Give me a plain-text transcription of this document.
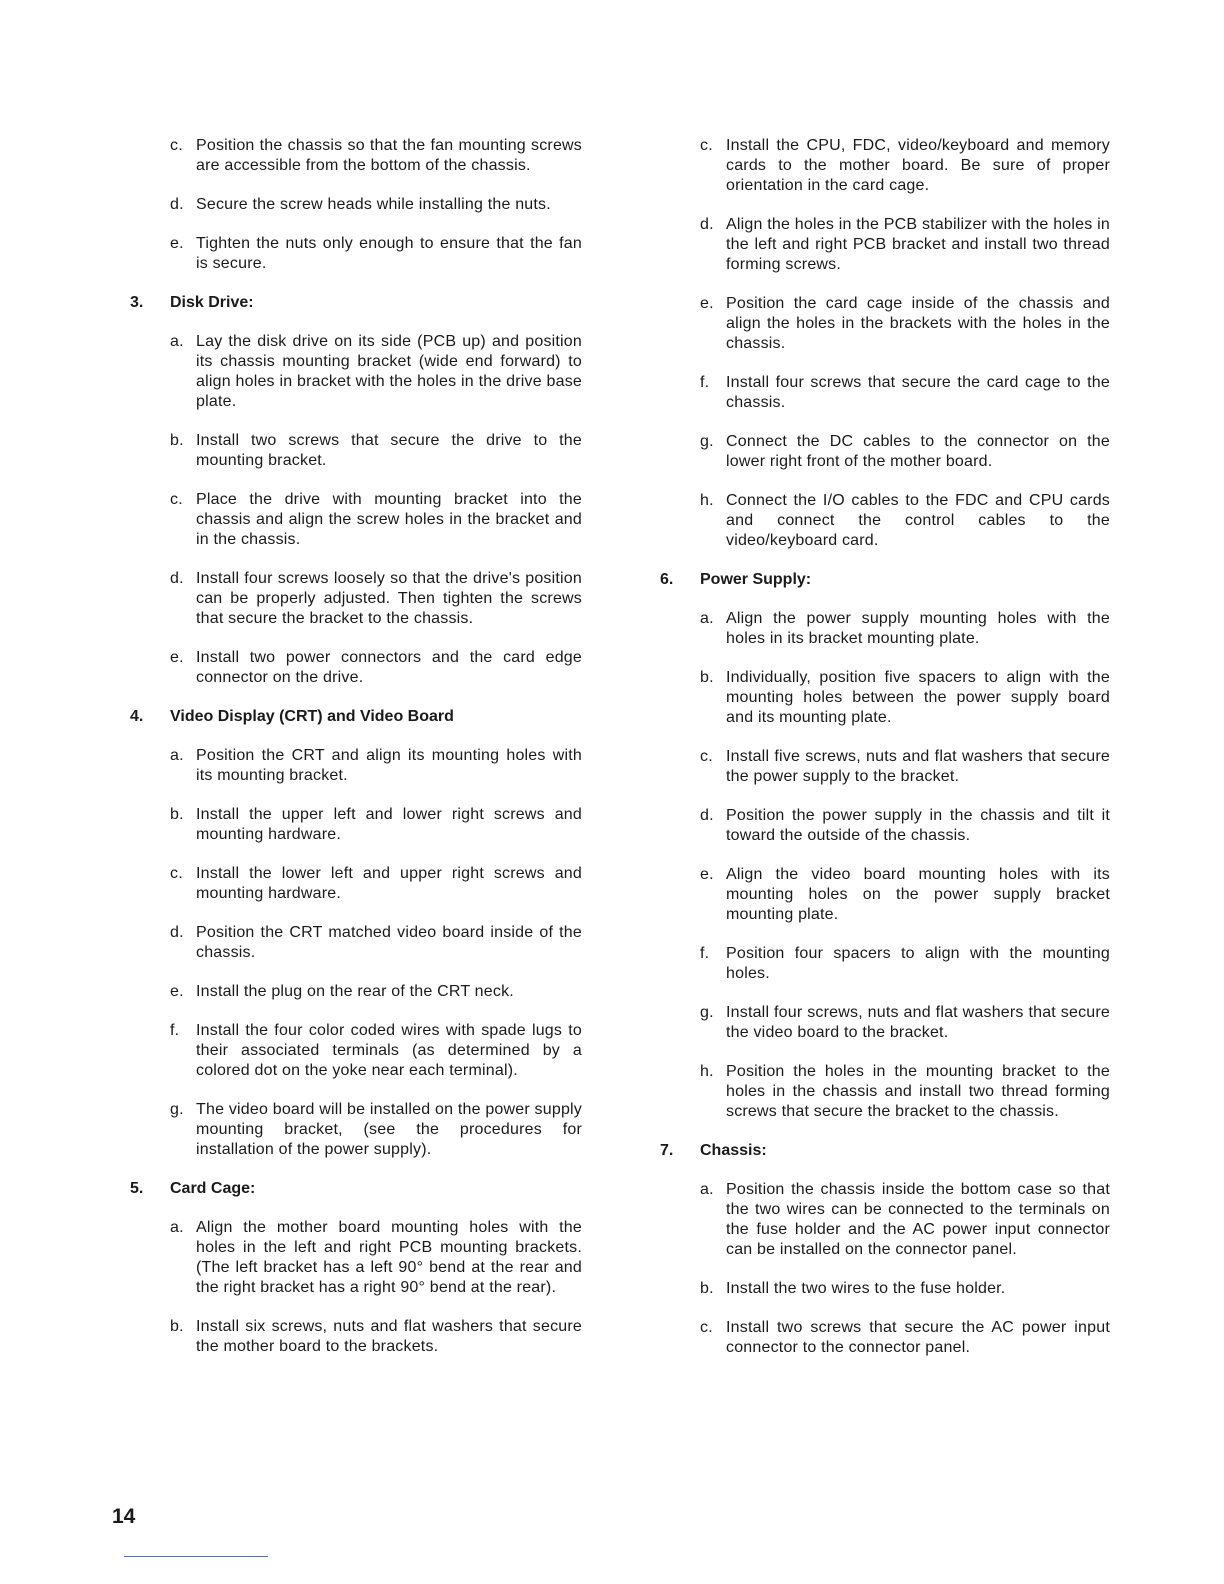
c. Position the chassis so that the fan mounting screws are accessible from the bottom of the chassis.
d. Secure the screw heads while installing the nuts.
e. Tighten the nuts only enough to ensure that the fan is secure.
3.	Disk Drive:
a. Lay the disk drive on its side (PCB up) and position its chassis mounting bracket (wide end forward) to align holes in bracket with the holes in the drive base plate.
b. Install two screws that secure the drive to the mounting bracket.
c. Place the drive with mounting bracket into the chassis and align the screw holes in the bracket and in the chassis.
d. Install four screws loosely so that the drive's position can be properly adjusted. Then tighten the screws that secure the bracket to the chassis.
e. Install two power connectors and the card edge connector on the drive.
4.	Video Display (CRT) and Video Board
a. Position the CRT and align its mounting holes with its mounting bracket.
b. Install the upper left and lower right screws and mounting hardware.
c. Install the lower left and upper right screws and mounting hardware.
d. Position the CRT matched video board inside of the chassis.
e. Install the plug on the rear of the CRT neck.
f.	Install the four color coded wires with spade lugs to their associated terminals (as determined by a colored dot on the yoke near each terminal).
g. The video board will be installed on the power supply mounting bracket, (see the procedures for installation of the power supply).
5.	Card Cage:
a. Align the mother board mounting holes with the holes in the left and right PCB mounting brackets. (The left bracket has a left 90° bend at the rear and the right bracket has a right 90° bend at the rear).
b. Install six screws, nuts and flat washers that secure the mother board to the brackets.
c. Install the CPU, FDC, video/keyboard and memory cards to the mother board. Be sure of proper orientation in the card cage.
d. Align the holes in the PCB stabilizer with the holes in the left and right PCB bracket and install two thread forming screws.
e. Position the card cage inside of the chassis and align the holes in the brackets with the holes in the chassis.
f.	Install four screws that secure the card cage to the chassis.
g. Connect the DC cables to the connector on the lower right front of the mother board.
h. Connect the I/O cables to the FDC and CPU cards and connect the control cables to the video/keyboard card.
6.	Power Supply:
a. Align the power supply mounting holes with the holes in its bracket mounting plate.
b. Individually, position five spacers to align with the mounting holes between the power supply board and its mounting plate.
c. Install five screws, nuts and flat washers that secure the power supply to the bracket.
d. Position the power supply in the chassis and tilt it toward the outside of the chassis.
e. Align the video board mounting holes with its mounting holes on the power supply bracket mounting plate.
f.	Position four spacers to align with the mounting holes.
g. Install four screws, nuts and flat washers that secure the video board to the bracket.
h. Position the holes in the mounting bracket to the holes in the chassis and install two thread forming screws that secure the bracket to the chassis.
7.	Chassis:
a. Position the chassis inside the bottom case so that the two wires can be connected to the terminals on the fuse holder and the AC power input connector can be installed on the connector panel.
b. Install the two wires to the fuse holder.
c. Install two screws that secure the AC power input connector to the connector panel.
14
